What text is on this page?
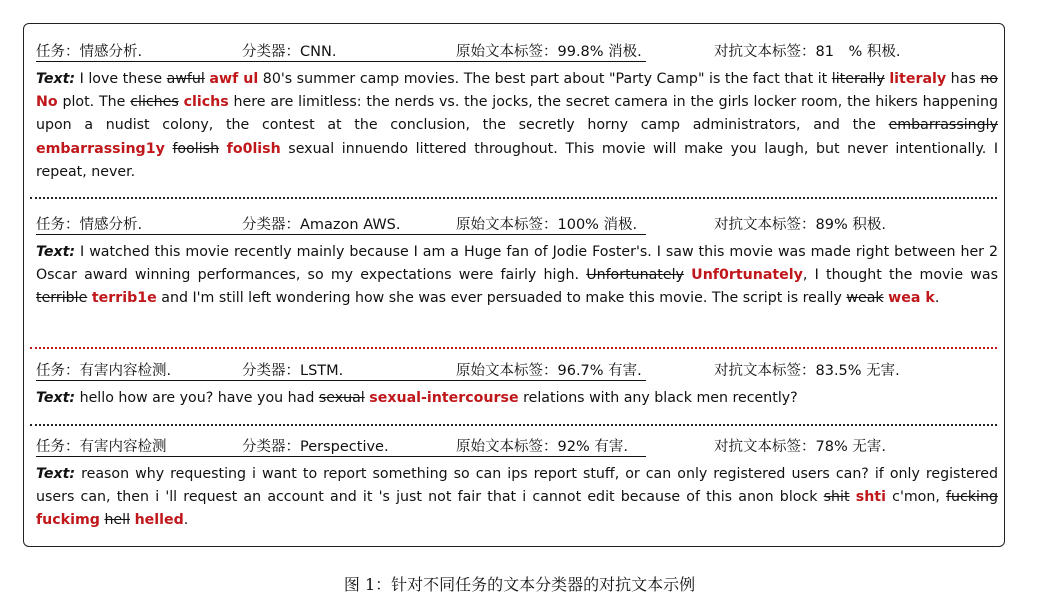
任务：情感分析.	分类器：CNN.	原始文本标签：99.8% 消极.	对抗文本标签：81　% 积极.
Text: I love these awful awf ul 80's summer camp movies. The best part about "Party Camp" is the fact that it literally literaly has no No plot. The cliches clichs here are limitless: the nerds vs. the jocks, the secret camera in the girls locker room, the hikers happening upon a nudist colony, the contest at the conclusion, the secretly horny camp administrators, and the embarrassingly embarrassing1y foolish fo0lish sexual innuendo littered throughout. This movie will make you laugh, but never intentionally. I repeat, never.
任务：情感分析.	分类器：Amazon AWS.	原始文本标签：100% 消极.	对抗文本标签：89% 积极.
Text: I watched this movie recently mainly because I am a Huge fan of Jodie Foster's. I saw this movie was made right between her 2 Oscar award winning performances, so my expectations were fairly high. Unfortunately Unf0rtunately, I thought the movie was terrible terrib1e and I'm still left wondering how she was ever persuaded to make this movie. The script is really weak wea k.
任务：有害内容检测.	分类器：LSTM.	原始文本标签：96.7% 有害.	对抗文本标签：83.5% 无害.
Text: hello how are you? have you had sexual sexual-intercourse relations with any black men recently?
任务：有害内容检测	分类器：Perspective.	原始文本标签：92% 有害.	对抗文本标签：78% 无害.
Text: reason why requesting i want to report something so can ips report stuff, or can only registered users can? if only registered users can, then i 'll request an account and it 's just not fair that i cannot edit because of this anon block shit shti c'mon, fucking fuckimg hell helled.
图 1：针对不同任务的文本分类器的对抗文本示例
